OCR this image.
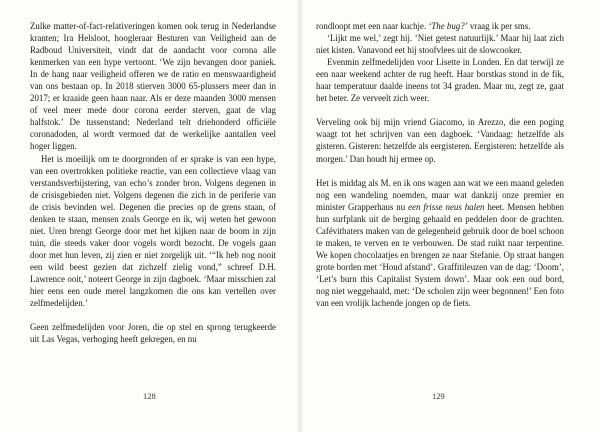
Zulke matter-of-fact-relativeringen komen ook terug in Nederlandse kranten; Ira Helsloot, hoogleraar Besturen van Veiligheid aan de Radboud Universiteit, vindt dat de aandacht voor corona alle kenmerken van een hype vertoont. ‘We zijn bevangen door paniek. In de hang naar veiligheid offeren we de ratio en menswaardigheid van ons bestaan op. In 2018 stierven 3000 65-plussers meer dan in 2017; er kraaide geen haan naar. Als er deze maanden 3000 mensen of veel meer mede door corona eerder sterven, gaat de vlag halfstok.’ De tussenstand: Nederland telt driehonderd officiële coronadoden, al wordt vermoed dat de werkelijke aantallen veel hoger liggen.

Het is moeilijk om te doorgronden of er sprake is van een hype, van een overtrokken politieke reactie, van een collectieve vlaag van verstandsverbijstering, van echo’s zonder bron. Volgens degenen in de crisisgebieden niet. Volgens degenen die zich in de periferie van de crisis bevinden wel. Degenen die precies op de grens staan, of denken te staan, mensen zoals George en ik, wij weten het gewoon niet. Uren brengt George door met het kijken naar de boom in zijn tuin, die steeds vaker door vogels wordt bezocht. De vogels gaan door met hun leven, zij zien er niet zorgelijk uit. ‘“Ik heb nog nooit een wild beest gezien dat zichzelf zielig vond,” schreef D.H. Lawrence ooit,’ noteert George in zijn dagboek. ‘Maar misschien zal hier eens een oude merel langzkomen die ons kan vertellen over zelfmedelijden.’

Geen zelfmedelijden voor Joren, die op stel en sprong terugkeerde uit Las Vegas, verhoging heeft gekregen, en nu

128

rondloopt met een naar kuchje. ‘The bug?’ vraag ik per sms.

‘Lijkt me wel,’ zegt hij. ‘Niet getest natuurlijk.’ Maar hij laat zich niet kisten. Vanavond eet hij stoofvlees uit de slowcooker.

Evenmin zelfmedelijden voor Lisette in Londen. En dat terwijl ze een naar weekend achter de rug heeft. Haar borstkas stond in de fik, haar temperatuur daalde ineens tot 34 graden. Maar nu, zegt ze, gaat het beter. Ze verveelt zich weer.

Verveling ook bij mijn vriend Giacomo, in Arezzo, die een poging waagt tot het schrijven van een dagboek. ‘Vandaag: hetzelfde als gisteren. Gisteren: hetzelfde als eergisteren. Eergisteren: hetzelfde als morgen.’ Dan houdt hij ermee op.

Het is middag als M. en ik ons wagen aan wat we een maand geleden nog een wandeling noemden, maar wat dankzij onze premier en minister Grapperhaus nu een frisse neus halen heet. Mensen hebben hun surfplank uit de berging gehaald en peddelen door de grachten. Cafévitbaters maken van de gelegenheid gebruik door de boel schoon te maken, te verven en te verbouwen. De stad ruikt naar terpentine. We kopen chocolaatjes en brengen ze naar Stefanie. Op straat hangen grote borden met ‘Houd afstand’. Graffitileuzen van de dag: ‘Doom’, ‘Let’s burn this Capitalist System down’. Maar ook een oud bord, nog niet weggehaald, met: ‘De scholen zijn weer begonnen!’ Een foto van een vrolijk lachende jongen op de fiets.

129
